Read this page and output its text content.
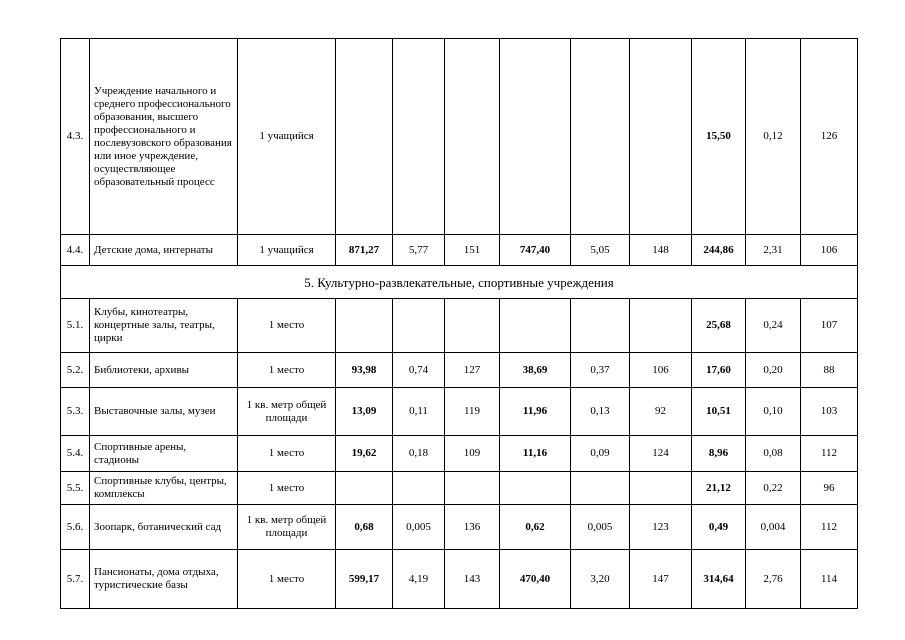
4.3.	Учреждение начального и среднего профессионального образования, высшего профессионального и послевузовского образования или иное учреждение, осуществляющее образовательный процесс	1 учащийся							15,50	0,12	126
4.4.	Детские дома, интернаты	1 учащийся	871,27	5,77	151	747,40	5,05	148	244,86	2,31	106
5. Культурно-развлекательные, спортивные учреждения											
5.1.	Клубы, кинотеатры, концертные залы, театры, цирки	1 место							25,68	0,24	107
5.2.	Библиотеки, архивы	1 место	93,98	0,74	127	38,69	0,37	106	17,60	0,20	88
5.3.	Выставочные залы, музеи	1 кв. метр общей площади	13,09	0,11	119	11,96	0,13	92	10,51	0,10	103
5.4.	Спортивные арены, стадионы	1 место	19,62	0,18	109	11,16	0,09	124	8,96	0,08	112
5.5.	Спортивные клубы, центры, комплексы	1 место							21,12	0,22	96
5.6.	Зоопарк, ботанический сад	1 кв. метр общей площади	0,68	0,005	136	0,62	0,005	123	0,49	0,004	112
5.7.	Пансионаты, дома отдыха, туристические базы	1 место	599,17	4,19	143	470,40	3,20	147	314,64	2,76	114
